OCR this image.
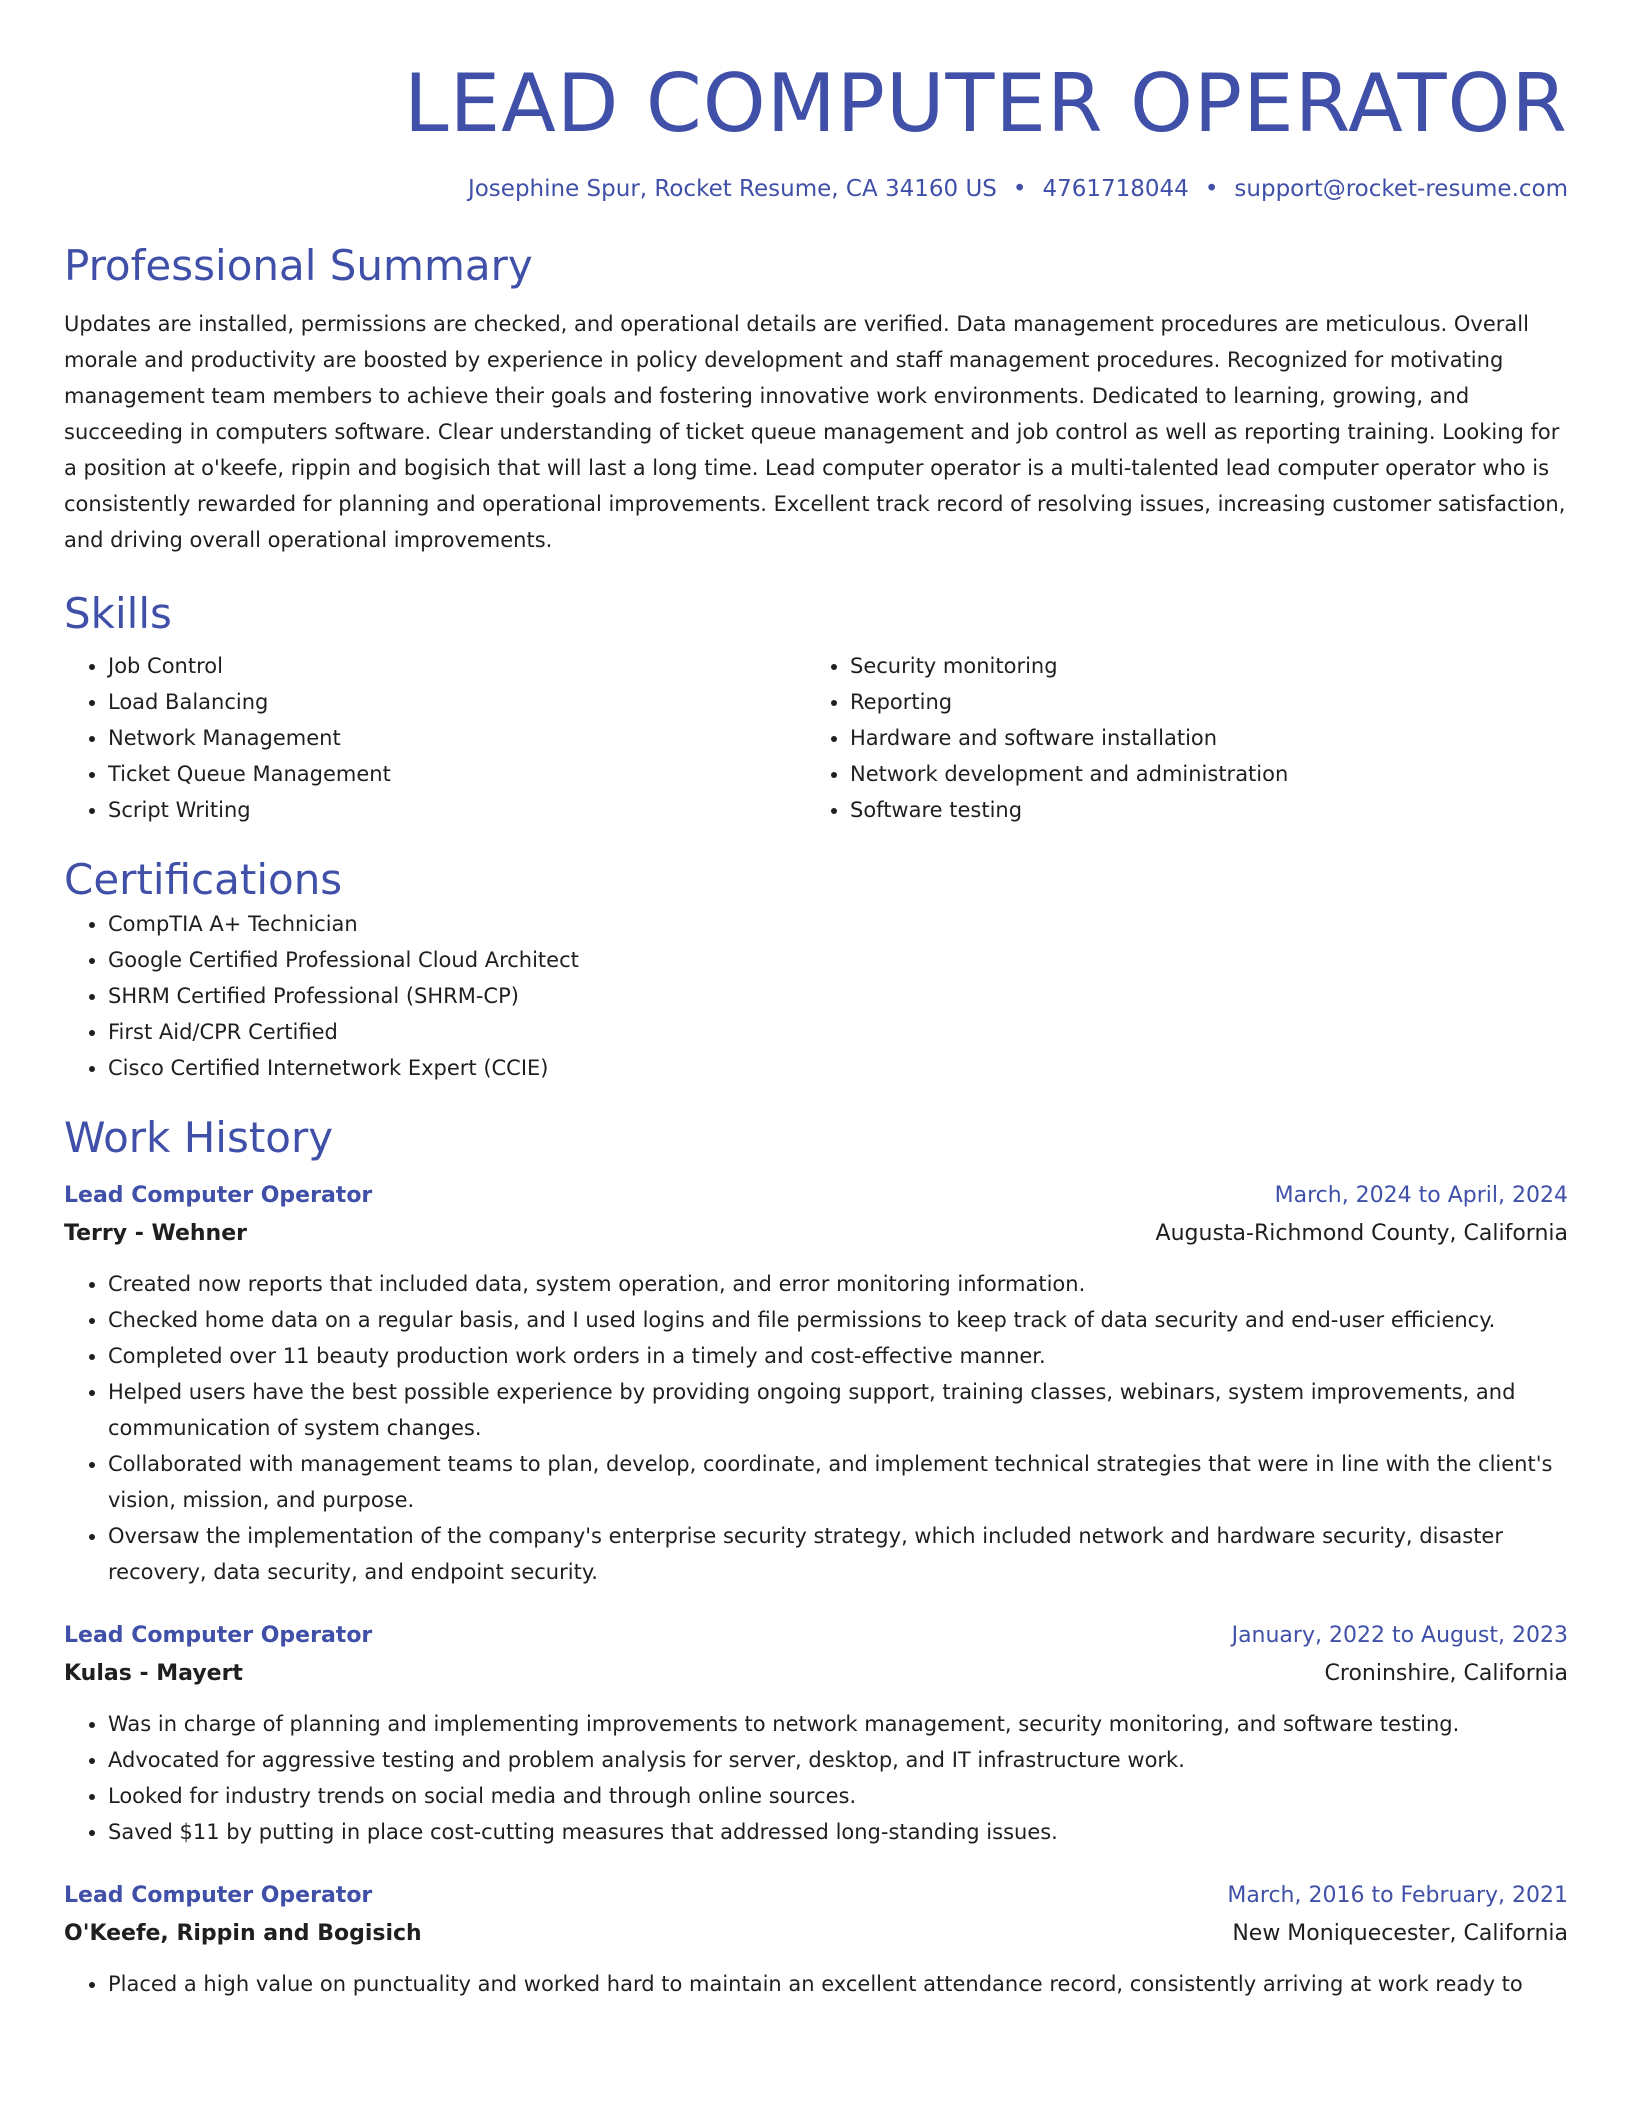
LEAD COMPUTER OPERATOR
Josephine Spur, Rocket Resume, CA 34160 US • 4761718044 • support@rocket-resume.com
Professional Summary
Updates are installed, permissions are checked, and operational details are verified. Data management procedures are meticulous. Overall morale and productivity are boosted by experience in policy development and staff management procedures. Recognized for motivating management team members to achieve their goals and fostering innovative work environments. Dedicated to learning, growing, and succeeding in computers software. Clear understanding of ticket queue management and job control as well as reporting training. Looking for a position at o'keefe, rippin and bogisich that will last a long time. Lead computer operator is a multi-talented lead computer operator who is consistently rewarded for planning and operational improvements. Excellent track record of resolving issues, increasing customer satisfaction, and driving overall operational improvements.
Skills
• Job Control
• Load Balancing
• Network Management
• Ticket Queue Management
• Script Writing
• Security monitoring
• Reporting
• Hardware and software installation
• Network development and administration
• Software testing
Certifications
• CompTIA A+ Technician
• Google Certified Professional Cloud Architect
• SHRM Certified Professional (SHRM-CP)
• First Aid/CPR Certified
• Cisco Certified Internetwork Expert (CCIE)
Work History
Lead Computer Operator	March, 2024 to April, 2024
Terry - Wehner	Augusta-Richmond County, California
• Created now reports that included data, system operation, and error monitoring information.
• Checked home data on a regular basis, and I used logins and file permissions to keep track of data security and end-user efficiency.
• Completed over 11 beauty production work orders in a timely and cost-effective manner.
• Helped users have the best possible experience by providing ongoing support, training classes, webinars, system improvements, and communication of system changes.
• Collaborated with management teams to plan, develop, coordinate, and implement technical strategies that were in line with the client's vision, mission, and purpose.
• Oversaw the implementation of the company's enterprise security strategy, which included network and hardware security, disaster recovery, data security, and endpoint security.
Lead Computer Operator	January, 2022 to August, 2023
Kulas - Mayert	Croninshire, California
• Was in charge of planning and implementing improvements to network management, security monitoring, and software testing.
• Advocated for aggressive testing and problem analysis for server, desktop, and IT infrastructure work.
• Looked for industry trends on social media and through online sources.
• Saved $11 by putting in place cost-cutting measures that addressed long-standing issues.
Lead Computer Operator	March, 2016 to February, 2021
O'Keefe, Rippin and Bogisich	New Moniquecester, California
• Placed a high value on punctuality and worked hard to maintain an excellent attendance record, consistently arriving at work ready to
